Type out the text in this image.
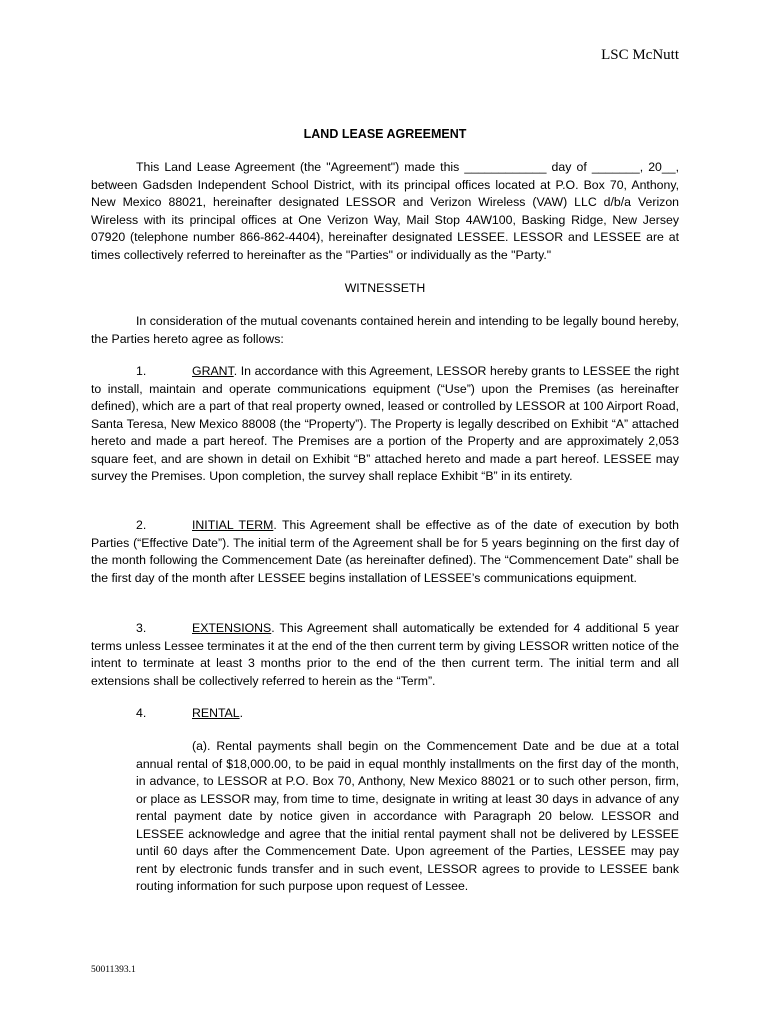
LSC McNutt
LAND LEASE AGREEMENT

This Land Lease Agreement (the "Agreement") made this ____________ day of _______, 20__, between Gadsden Independent School District, with its principal offices located at P.O. Box 70, Anthony, New Mexico 88021, hereinafter designated LESSOR and Verizon Wireless (VAW) LLC d/b/a Verizon Wireless with its principal offices at One Verizon Way, Mail Stop 4AW100, Basking Ridge, New Jersey 07920 (telephone number 866-862-4404), hereinafter designated LESSEE. LESSOR and LESSEE are at times collectively referred to hereinafter as the "Parties" or individually as the "Party."

WITNESSETH

In consideration of the mutual covenants contained herein and intending to be legally bound hereby, the Parties hereto agree as follows:

1.	GRANT. In accordance with this Agreement, LESSOR hereby grants to LESSEE the right to install, maintain and operate communications equipment (“Use”) upon the Premises (as hereinafter defined), which are a part of that real property owned, leased or controlled by LESSOR at 100 Airport Road, Santa Teresa, New Mexico 88008 (the “Property”). The Property is legally described on Exhibit “A” attached hereto and made a part hereof. The Premises are a portion of the Property and are approximately 2,053 square feet, and are shown in detail on Exhibit “B” attached hereto and made a part hereof. LESSEE may survey the Premises. Upon completion, the survey shall replace Exhibit “B” in its entirety.

2.	INITIAL TERM. This Agreement shall be effective as of the date of execution by both Parties (“Effective Date”). The initial term of the Agreement shall be for 5 years beginning on the first day of the month following the Commencement Date (as hereinafter defined). The “Commencement Date” shall be the first day of the month after LESSEE begins installation of LESSEE’s communications equipment.

3.	EXTENSIONS. This Agreement shall automatically be extended for 4 additional 5 year terms unless Lessee terminates it at the end of the then current term by giving LESSOR written notice of the intent to terminate at least 3 months prior to the end of the then current term. The initial term and all extensions shall be collectively referred to herein as the “Term”.

4.	RENTAL.

(a). Rental payments shall begin on the Commencement Date and be due at a total annual rental of $18,000.00, to be paid in equal monthly installments on the first day of the month, in advance, to LESSOR at P.O. Box 70, Anthony, New Mexico 88021 or to such other person, firm, or place as LESSOR may, from time to time, designate in writing at least 30 days in advance of any rental payment date by notice given in accordance with Paragraph 20 below. LESSOR and LESSEE acknowledge and agree that the initial rental payment shall not be delivered by LESSEE until 60 days after the Commencement Date. Upon agreement of the Parties, LESSEE may pay rent by electronic funds transfer and in such event, LESSOR agrees to provide to LESSEE bank routing information for such purpose upon request of Lessee.

50011393.1
